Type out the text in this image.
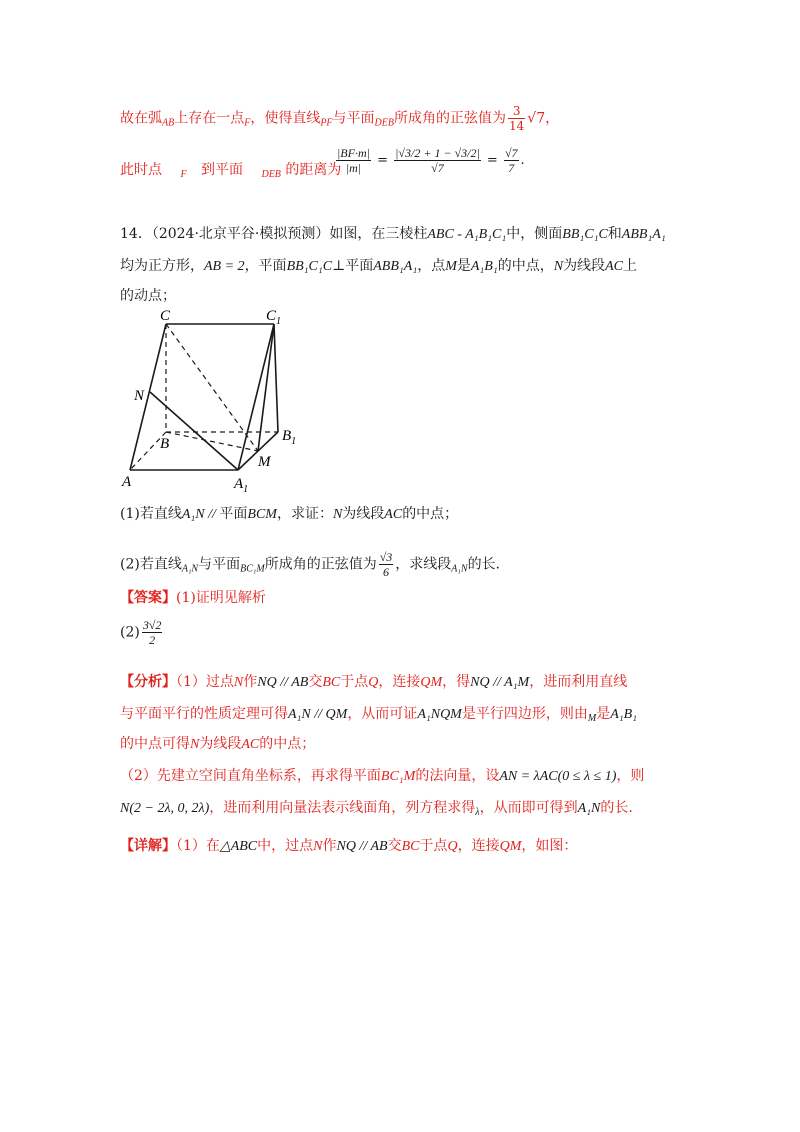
故在弧$_{AB}$上存在一点$_F$，使得直线$_{PF}$与平面$_{DEB}$所成角的正弦值为 $\frac{3}{14} √7$，
此时点 $_F$ 到平面 $_{DEB}$ 的距离为
$\frac{|BF\cdot m|}{|m|} = \frac{|√3/2 + 1 - √3/2|}{√7} = \frac{√7}{7}$ .
14．（2024·北京平谷·模拟预测）如图，在三棱柱ABC - A₁B₁C₁中，侧面BB₁C₁C和ABB₁A₁
均为正方形，AB = 2，平面BB₁C₁C⊥平面ABB₁A₁，点M是A₁B₁的中点，N为线段AC上
的动点；
C	$C_1$
N
B	$B_1$
M
A	$A_1$
(1)若直线A₁N // 平面BCM，求证：N为线段AC的中点；
(2)若直线$_{A_1N}$与平面$_{BC_1M}$所成角的正弦值为 $\frac{√3}{6}$ ，求线段$_{A_1N}$的长.
【答案】(1)证明见解析
$(2) \frac{3√2}{2}$
【分析】（1）过点N作NQ // AB交BC于点Q，连接QM，得NQ // A₁M，进而利用直线
与平面平行的性质定理可得A₁N // QM，从而可证A₁NQM是平行四边形，则由$_M$是A₁B₁
的中点可得N为线段AC的中点；
（2）先建立空间直角坐标系，再求得平面BC₁M的法向量，设AN = λAC(0 ≤ λ ≤ 1)，则
N(2 − 2λ, 0, 2λ)，进而利用向量法表示线面角，列方程求得$_\lambda$，从而即可得到A₁N的长.
【详解】（1）在△ABC中，过点N作NQ // AB交BC于点Q，连接QM，如图：
